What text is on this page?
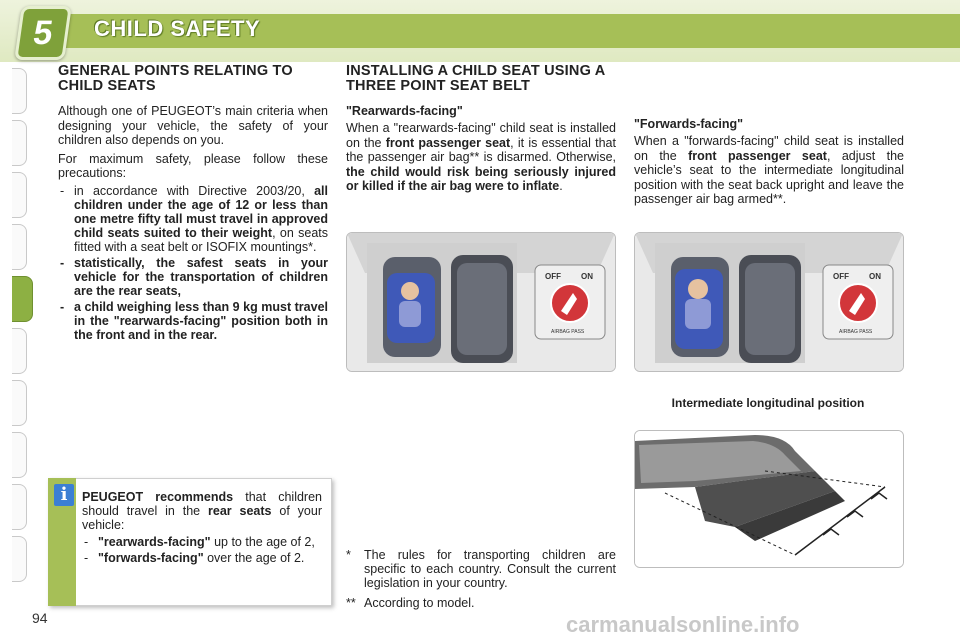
5	CHILD SAFETY
GENERAL POINTS RELATING TO CHILD SEATS

Although one of PEUGEOT’s main criteria when designing your vehicle, the safety of your children also depends on you.

For maximum safety, please follow these precautions:

- in accordance with Directive 2003/20, all children under the age of 12 or less than one metre fifty tall must travel in approved child seats suited to their weight, on seats fitted with a seat belt or ISOFIX mountings*.
- statistically, the safest seats in your vehicle for the transportation of children are the rear seats,
- a child weighing less than 9 kg must travel in the "rearwards-facing" position both in the front and in the rear.
i	PEUGEOT recommends that children should travel in the rear seats of your vehicle:
- "rearwards-facing" up to the age of 2,
- "forwards-facing" over the age of 2.
INSTALLING A CHILD SEAT USING A THREE POINT SEAT BELT
"Rearwards-facing"

When a "rearwards-facing" child seat is installed on the front passenger seat, it is essential that the passenger air bag** is disarmed. Otherwise, the child would risk being seriously injured or killed if the air bag were to inflate.

"Forwards-facing"

When a "forwards-facing" child seat is installed on the front passenger seat, adjust the vehicle’s seat to the intermediate longitudinal position with the seat back upright and leave the passenger air bag armed**.

OFF	ON
AIRBAG PASS
OFF	ON
AIRBAG PASS
Intermediate longitudinal position
* The rules for transporting children are specific to each country. Consult the current legislation in your country.
** According to model.
94	carmanualsonline.info
